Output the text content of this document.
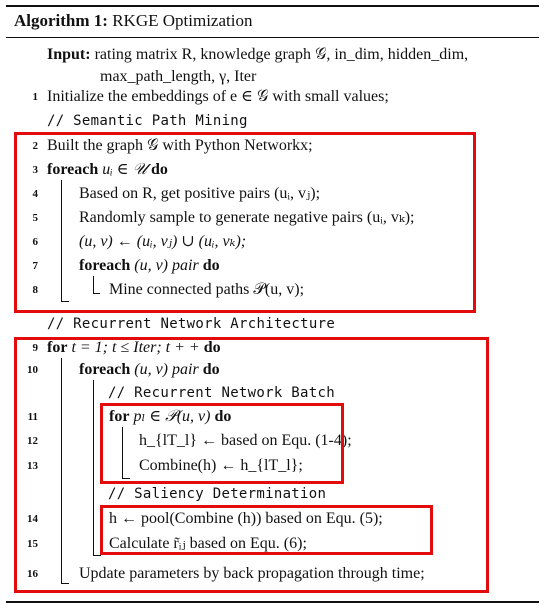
Algorithm 1: RKGE Optimization
Input: rating matrix R, knowledge graph 𝒢, in_dim, hidden_dim,
max_path_length, γ, Iter
1 Initialize the embeddings of e ∈ 𝒢 with small values;
// Semantic Path Mining
2 Built the graph 𝒢 with Python Networkx;
3 foreach uᵢ ∈ 𝒰 do
4	Based on R, get positive pairs (uᵢ, vⱼ);
5	Randomly sample to generate negative pairs (uᵢ, vₖ);
6	(u, v) ← (uᵢ, vⱼ) ∪ (uᵢ, vₖ);
7	foreach (u, v) pair do
8	Mine connected paths 𝒫(u, v);
// Recurrent Network Architecture
9 for t = 1; t ≤ Iter; t + + do
10	foreach (u, v) pair do
// Recurrent Network Batch
11	for pₗ ∈ 𝒫(u, v) do
12	h_{lT_l} ← based on Equ. (1-4);
13	Combine(h) ← h_{lT_l};
// Saliency Determination
14	h ← pool(Combine (h)) based on Equ. (5);
15	Calculate r̃ᵢⱼ based on Equ. (6);
16	Update parameters by back propagation through time;
